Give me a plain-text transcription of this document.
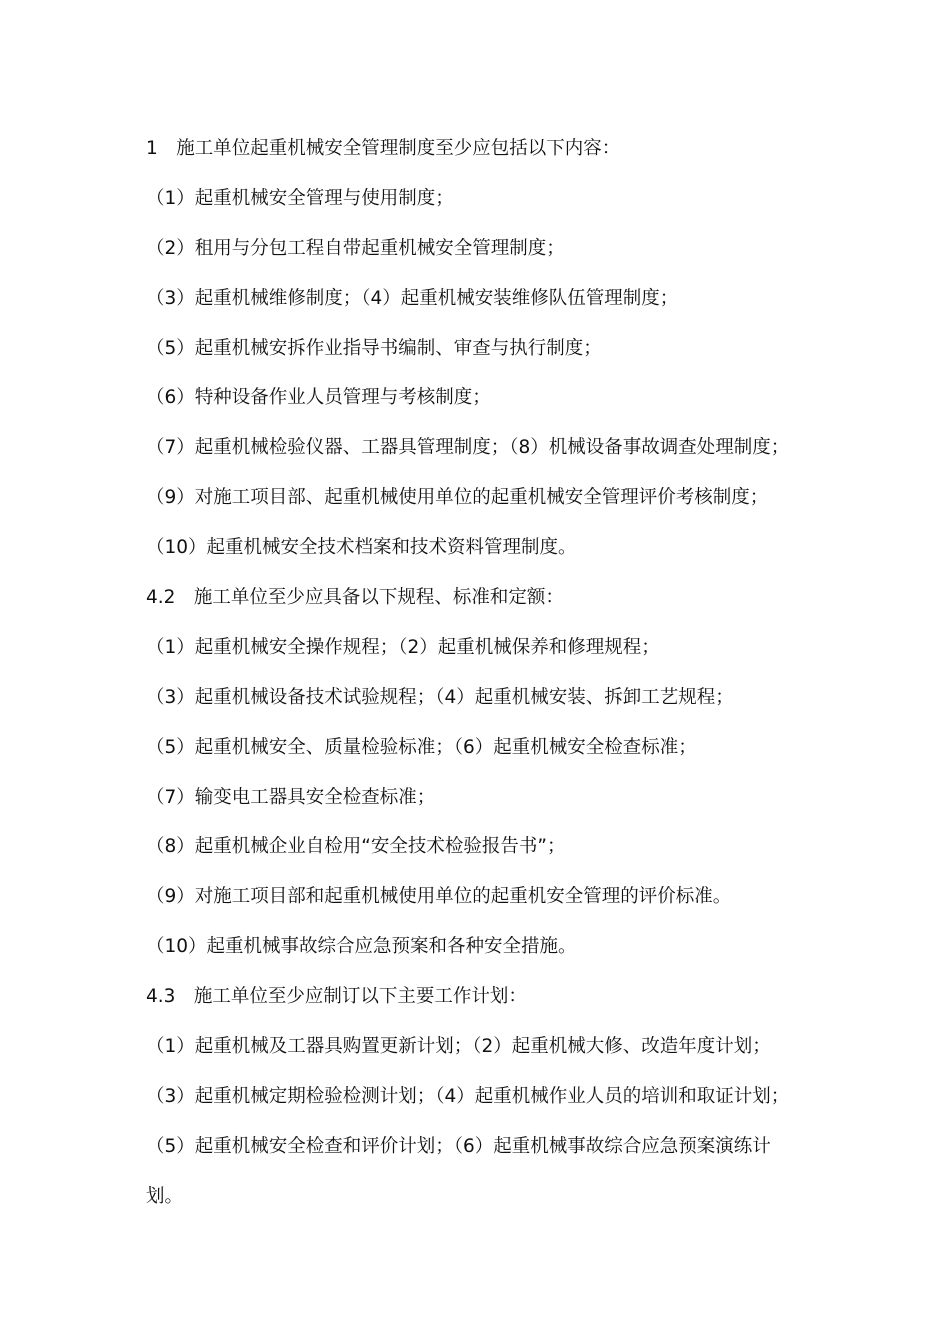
1　施工单位起重机械安全管理制度至少应包括以下内容：
（1）起重机械安全管理与使用制度；
（2）租用与分包工程自带起重机械安全管理制度；
（3）起重机械维修制度；（4）起重机械安装维修队伍管理制度；
（5）起重机械安拆作业指导书编制、审查与执行制度；
（6）特种设备作业人员管理与考核制度；
（7）起重机械检验仪器、工器具管理制度；（8）机械设备事故调查处理制度；
（9）对施工项目部、起重机械使用单位的起重机械安全管理评价考核制度；
（10）起重机械安全技术档案和技术资料管理制度。
4.2　施工单位至少应具备以下规程、标准和定额：
（1）起重机械安全操作规程；（2）起重机械保养和修理规程；
（3）起重机械设备技术试验规程；（4）起重机械安装、拆卸工艺规程；
（5）起重机械安全、质量检验标准；（6）起重机械安全检查标准；
（7）输变电工器具安全检查标准；
（8）起重机械企业自检用“安全技术检验报告书”；
（9）对施工项目部和起重机械使用单位的起重机安全管理的评价标准。
（10）起重机械事故综合应急预案和各种安全措施。
4.3　施工单位至少应制订以下主要工作计划：
（1）起重机械及工器具购置更新计划；（2）起重机械大修、改造年度计划；
（3）起重机械定期检验检测计划；（4）起重机械作业人员的培训和取证计划；
（5）起重机械安全检查和评价计划；（6）起重机械事故综合应急预案演练计
划。
